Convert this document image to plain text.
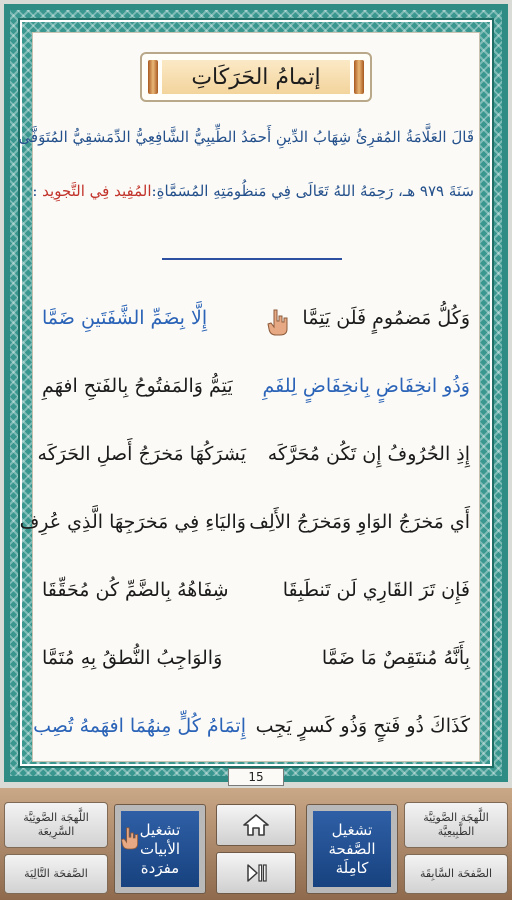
إتمامُ الحَرَكَاتِ
قَالَ العَلَّامَةُ المُقرِئُ شِهَابُ الدِّينِ أَحمَدُ الطِّيبِيُّ الشَّافِعِيُّ الدِّمَشقِيُّ المُتَوَفَّى
سَنَةَ ٩٧٩ هـ، رَحِمَهُ اللهُ تَعَالَى فِي مَنظُومَتِهِ المُسَمَّاةِ:المُفِيد فِي التَّجوِيد :
وَكُلُّ مَضمُومٍ فَلَن يَتِمَّا
إِلَّا بِضَمِّ الشَّفَتَينِ ضَمَّا
وَذُو انخِفَاضٍ بِانخِفَاضٍ لِلفَمِ
يَتِمُّ وَالمَفتُوحُ بِالفَتحِ افهَمِ
إِذِ الحُرُوفُ إِن تَكُن مُحَرَّكَه
يَشرَكُهَا مَخرَجُ أَصلِ الحَرَكَه
أَي مَخرَجُ الوَاوِ وَمَخرَجُ الأَلِف
وَاليَاءِ فِي مَخرَجِهَا الَّذِي عُرِف
فَإِن تَرَ القَارِي لَن تَنطَبِقَا
شِفَاهُهُ بِالضَّمِّ كُن مُحَقِّقَا
بِأَنَّهُ مُنتَقِصٌ مَا ضَمَّا
وَالوَاجِبُ النُّطقُ بِهِ مُتَمَّا
كَذَاكَ ذُو فَتحٍ وَذُو كَسرٍ يَجِب
إِتمَامُ كُلٍّ مِنهُمَا افهَمهُ تُصِب
15
اللَّهجَة الصَّوتِيَّة الطَّبِيعِيَّة
الصَّفحَة السَّابِقَة
تشغيل الصَّفحة كامِلَة
تشغيل الأبيات مفرَدة
اللَّهجَة الصَّوتِيَّة السَّرِيعَة
الصَّفحَة التَّالِيَة
